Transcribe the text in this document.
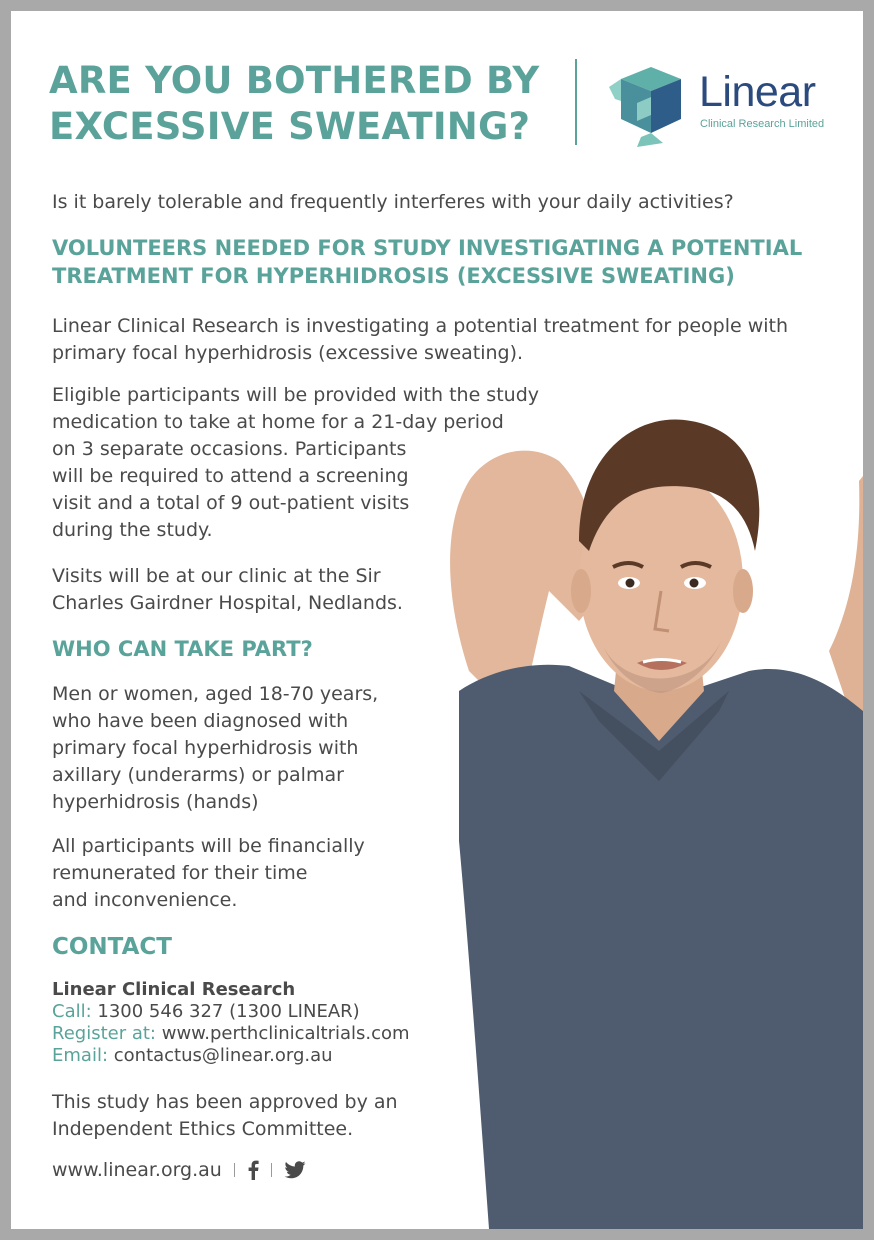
ARE YOU BOTHERED BY
EXCESSIVE SWEATING?
Linear
Clinical Research Limited

Is it barely tolerable and frequently interferes with your daily activities?

VOLUNTEERS NEEDED FOR STUDY INVESTIGATING A POTENTIAL
TREATMENT FOR HYPERHIDROSIS (EXCESSIVE SWEATING)

Linear Clinical Research is investigating a potential treatment for people with
primary focal hyperhidrosis (excessive sweating).

Eligible participants will be provided with the study
medication to take at home for a 21-day period
on 3 separate occasions. Participants
will be required to attend a screening
visit and a total of 9 out-patient visits
during the study.

Visits will be at our clinic at the Sir
Charles Gairdner Hospital, Nedlands.

WHO CAN TAKE PART?

Men or women, aged 18-70 years,
who have been diagnosed with
primary focal hyperhidrosis with
axillary (underarms) or palmar
hyperhidrosis (hands)

All participants will be financially
remunerated for their time
and inconvenience.

CONTACT

Linear Clinical Research
Call: 1300 546 327 (1300 LINEAR)
Register at: www.perthclinicaltrials.com
Email: contactus@linear.org.au

This study has been approved by an
Independent Ethics Committee.

www.linear.org.au
